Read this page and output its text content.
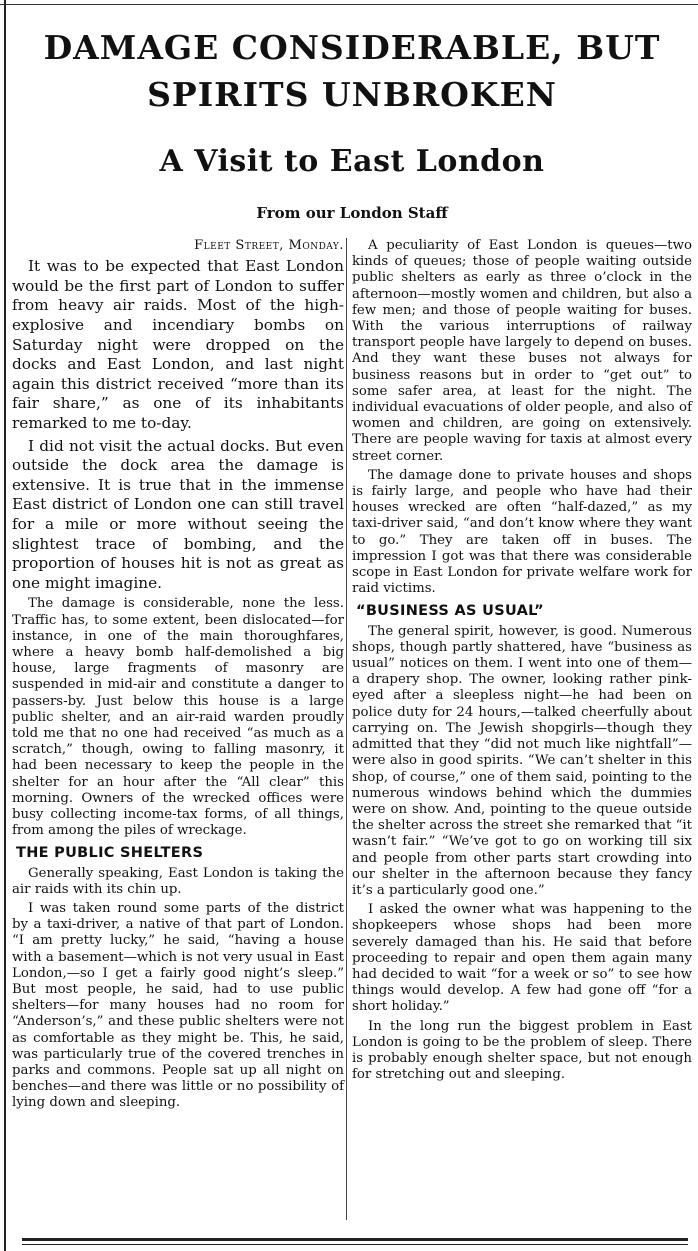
DAMAGE CONSIDERABLE, BUT
SPIRITS UNBROKEN
A Visit to East London
From our London Staff
Fleet Street, Monday.

It was to be expected that East London would be the first part of London to suffer from heavy air raids. Most of the high-explosive and incendiary bombs on Saturday night were dropped on the docks and East London, and last night again this district received “more than its fair share,” as one of its inhabitants remarked to me to-day.

I did not visit the actual docks. But even outside the dock area the damage is extensive. It is true that in the immense East district of London one can still travel for a mile or more without seeing the slightest trace of bombing, and the proportion of houses hit is not as great as one might imagine.

The damage is considerable, none the less. Traffic has, to some extent, been dislocated—for instance, in one of the main thoroughfares, where a heavy bomb half-demolished a big house, large fragments of masonry are suspended in mid-air and constitute a danger to passers-by. Just below this house is a large public shelter, and an air-raid warden proudly told me that no one had received “as much as a scratch,” though, owing to falling masonry, it had been necessary to keep the people in the shelter for an hour after the “All clear” this morning. Owners of the wrecked offices were busy collecting income-tax forms, of all things, from among the piles of wreckage.

THE PUBLIC SHELTERS

Generally speaking, East London is taking the air raids with its chin up.

I was taken round some parts of the district by a taxi-driver, a native of that part of London. “I am pretty lucky,” he said, “having a house with a basement—which is not very usual in East London,—so I get a fairly good night’s sleep.” But most people, he said, had to use public shelters—for many houses had no room for “Anderson’s,” and these public shelters were not as comfortable as they might be. This, he said, was particularly true of the covered trenches in parks and commons. People sat up all night on benches—and there was little or no possibility of lying down and sleeping.

A peculiarity of East London is queues—two kinds of queues; those of people waiting outside public shelters as early as three o’clock in the afternoon—mostly women and children, but also a few men; and those of people waiting for buses. With the various interruptions of railway transport people have largely to depend on buses. And they want these buses not always for business reasons but in order to “get out” to some safer area, at least for the night. The individual evacuations of older people, and also of women and children, are going on extensively. There are people waving for taxis at almost every street corner.

The damage done to private houses and shops is fairly large, and people who have had their houses wrecked are often “half-dazed,” as my taxi-driver said, “and don’t know where they want to go.” They are taken off in buses. The impression I got was that there was considerable scope in East London for private welfare work for raid victims.

“BUSINESS AS USUAL”

The general spirit, however, is good. Numerous shops, though partly shattered, have “business as usual” notices on them. I went into one of them—a drapery shop. The owner, looking rather pink-eyed after a sleepless night—he had been on police duty for 24 hours,—talked cheerfully about carrying on. The Jewish shopgirls—though they admitted that they “did not much like nightfall”—were also in good spirits. “We can’t shelter in this shop, of course,” one of them said, pointing to the numerous windows behind which the dummies were on show. And, pointing to the queue outside the shelter across the street she remarked that “it wasn’t fair.” “We’ve got to go on working till six and people from other parts start crowding into our shelter in the afternoon because they fancy it’s a particularly good one.”

I asked the owner what was happening to the shopkeepers whose shops had been more severely damaged than his. He said that before proceeding to repair and open them again many had decided to wait “for a week or so” to see how things would develop. A few had gone off “for a short holiday.”

In the long run the biggest problem in East London is going to be the problem of sleep. There is probably enough shelter space, but not enough for stretching out and sleeping.
